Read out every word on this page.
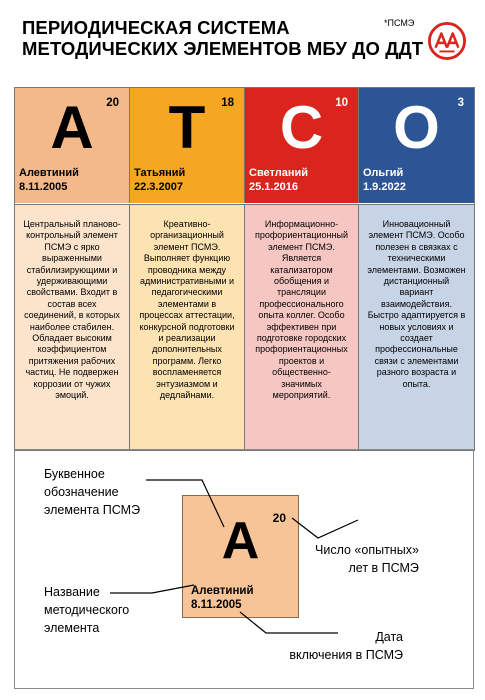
ПЕРИОДИЧЕСКАЯ СИСТЕМА
МЕТОДИЧЕСКИХ ЭЛЕМЕНТОВ МБУ ДО ДДТ
*ПСМЭ
20
A
Алевтиний
8.11.2005
18
T
Татьяний
22.3.2007
10
C
Светланий
25.1.2016
3
O
Ольгий
1.9.2022
Центральный планово-контрольный элемент ПСМЭ с ярко выраженными стабилизирующими и удерживающими свойствами. Входит в состав всех соединений, в которых наиболее стабилен. Обладает высоким коэффициентом притяжения рабочих частиц. Не подвержен коррозии от чужих эмоций.
Креативно-организационный элемент ПСМЭ. Выполняет функцию проводника между административными и педагогическими элементами в процессах аттестации, конкурсной подготовки и реализации дополнительных программ. Легко воспламеняется энтузиазмом и дедлайнами.
Информационно-профориентационный элемент ПСМЭ. Является катализатором обобщения и трансляции профессионального опыта коллег. Особо эффективен при подготовке городских профориентационных проектов и общественно-значимых мероприятий.
Инновационный элемент ПСМЭ. Особо полезен в связках с техническими элементами. Возможен дистанционный вариант взаимодействия. Быстро адаптируется в новых условиях и создает профессиональные связи с элементами разного возраста и опыта.
20
A
Алевтиний
8.11.2005
Буквенное
обозначение
элемента ПСМЭ
Число «опытных»
лет в ПСМЭ
Название
методического
элемента
Дата
включения в ПСМЭ
